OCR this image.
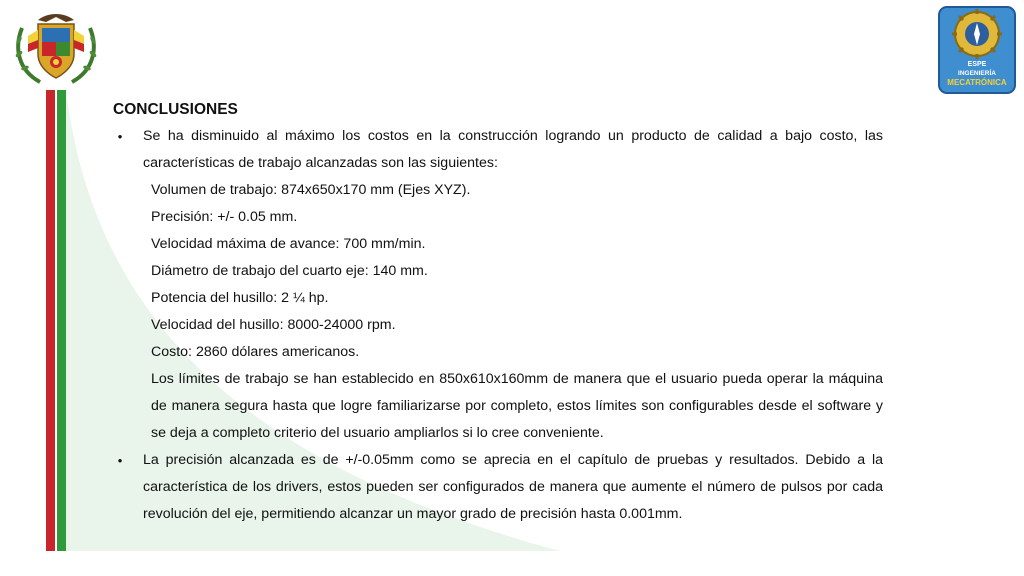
ESPE
INGENIERÍA
MECATRÓNICA

CONCLUSIONES

•	Se ha disminuido al máximo los costos en la construcción logrando un producto de calidad a bajo costo, las características de trabajo alcanzadas son las siguientes:
Volumen de trabajo: 874x650x170 mm (Ejes XYZ).
Precisión: +/- 0.05 mm.
Velocidad máxima de avance: 700 mm/min.
Diámetro de trabajo del cuarto eje: 140 mm.
Potencia del husillo: 2 ¼ hp.
Velocidad del husillo: 8000-24000 rpm.
Costo: 2860 dólares americanos.
Los límites de trabajo se han establecido en 850x610x160mm de manera que el usuario pueda operar la máquina de manera segura hasta que logre familiarizarse por completo, estos límites son configurables desde el software y se deja a completo criterio del usuario ampliarlos si lo cree conveniente.
•	La precisión alcanzada es de +/-0.05mm como se aprecia en el capítulo de pruebas y resultados. Debido a la característica de los drivers, estos pueden ser configurados de manera que aumente el número de pulsos por cada revolución del eje, permitiendo alcanzar un mayor grado de precisión hasta 0.001mm.
